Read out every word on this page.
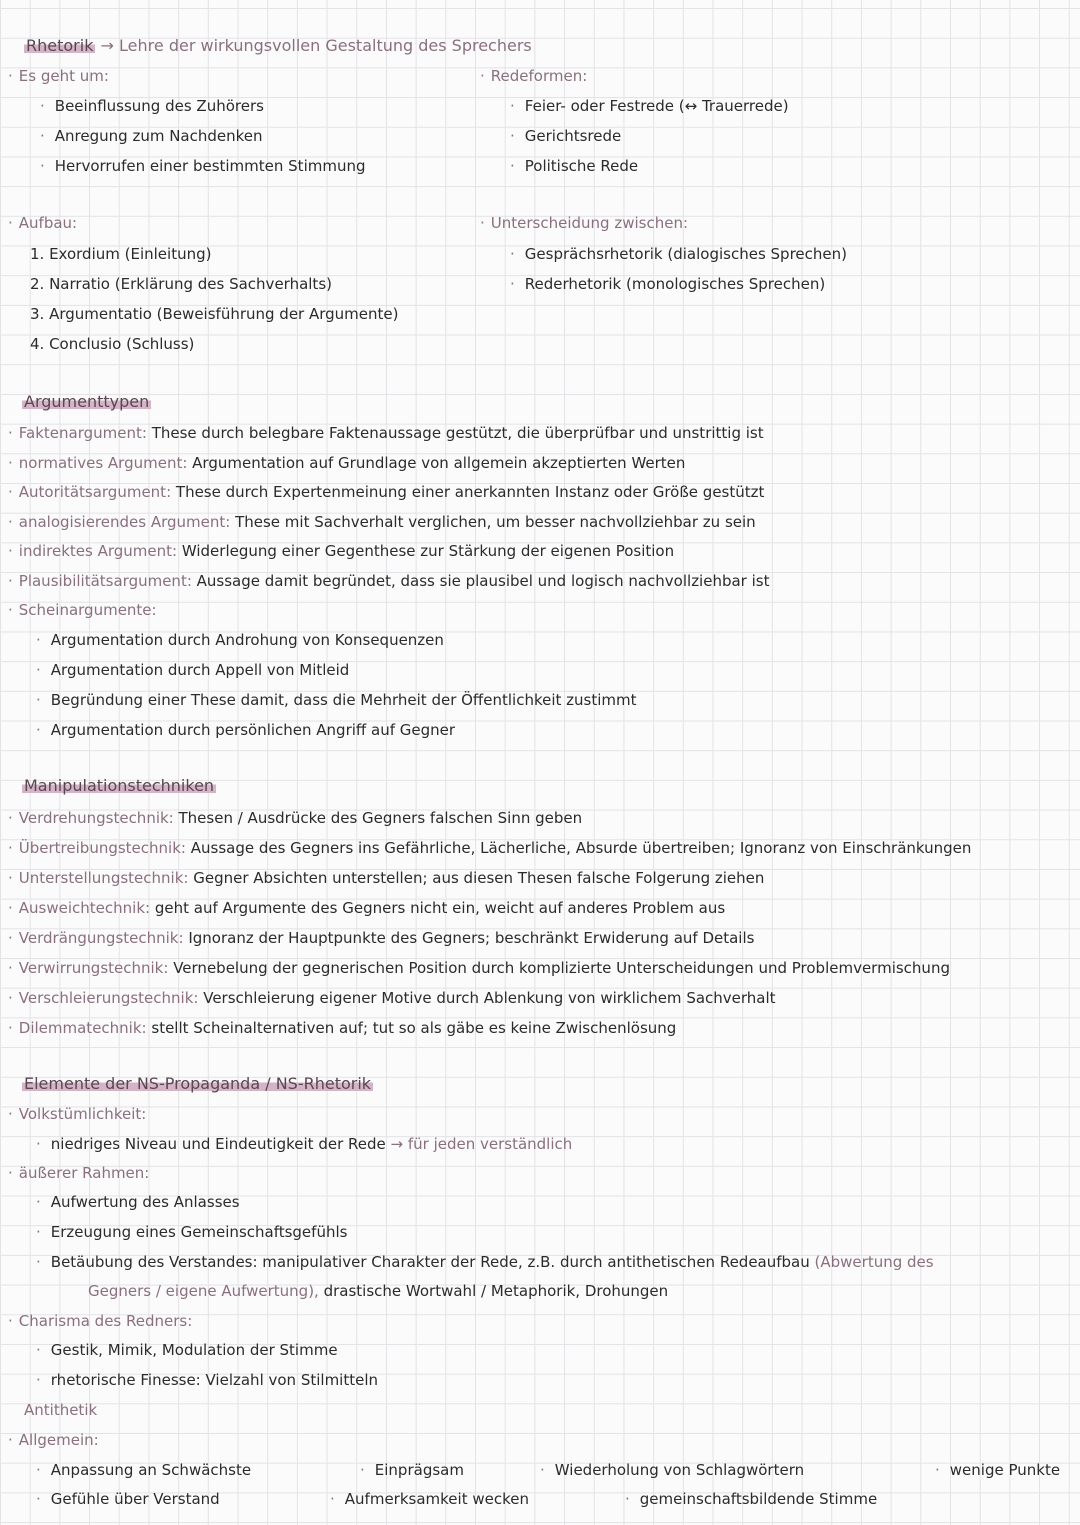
Rhetorik → Lehre der wirkungsvollen Gestaltung des Sprechers
· Es geht um:
· Beeinflussung des Zuhörers
· Anregung zum Nachdenken
· Hervorrufen einer bestimmten Stimmung
· Redeformen:
· Feier- oder Festrede (↔ Trauerrede)
· Gerichtsrede
· Politische Rede
· Aufbau:
1. Exordium (Einleitung)
2. Narratio (Erklärung des Sachverhalts)
3. Argumentatio (Beweisführung der Argumente)
4. Conclusio (Schluss)
· Unterscheidung zwischen:
· Gesprächsrhetorik (dialogisches Sprechen)
· Rederhetorik (monologisches Sprechen)
Argumenttypen
· Faktenargument: These durch belegbare Faktenaussage gestützt, die überprüfbar und unstrittig ist
· normatives Argument: Argumentation auf Grundlage von allgemein akzeptierten Werten
· Autoritätsargument: These durch Expertenmeinung einer anerkannten Instanz oder Größe gestützt
· analogisierendes Argument: These mit Sachverhalt verglichen, um besser nachvollziehbar zu sein
· indirektes Argument: Widerlegung einer Gegenthese zur Stärkung der eigenen Position
· Plausibilitätsargument: Aussage damit begründet, dass sie plausibel und logisch nachvollziehbar ist
· Scheinargumente:
· Argumentation durch Androhung von Konsequenzen
· Argumentation durch Appell von Mitleid
· Begründung einer These damit, dass die Mehrheit der Öffentlichkeit zustimmt
· Argumentation durch persönlichen Angriff auf Gegner
Manipulationstechniken
· Verdrehungstechnik: Thesen / Ausdrücke des Gegners falschen Sinn geben
· Übertreibungstechnik: Aussage des Gegners ins Gefährliche, Lächerliche, Absurde übertreiben; Ignoranz von Einschränkungen
· Unterstellungstechnik: Gegner Absichten unterstellen; aus diesen Thesen falsche Folgerung ziehen
· Ausweichtechnik: geht auf Argumente des Gegners nicht ein, weicht auf anderes Problem aus
· Verdrängungstechnik: Ignoranz der Hauptpunkte des Gegners; beschränkt Erwiderung auf Details
· Verwirrungstechnik: Vernebelung der gegnerischen Position durch komplizierte Unterscheidungen und Problemvermischung
· Verschleierungstechnik: Verschleierung eigener Motive durch Ablenkung von wirklichem Sachverhalt
· Dilemmatechnik: stellt Scheinalternativen auf; tut so als gäbe es keine Zwischenlösung
Elemente der NS-Propaganda / NS-Rhetorik
· Volkstümlichkeit:
· niedriges Niveau und Eindeutigkeit der Rede → für jeden verständlich
· äußerer Rahmen:
· Aufwertung des Anlasses
· Erzeugung eines Gemeinschaftsgefühls
· Betäubung des Verstandes: manipulativer Charakter der Rede, z.B. durch antithetischen Redeaufbau (Abwertung des
Gegners / eigene Aufwertung), drastische Wortwahl / Metaphorik, Drohungen
· Charisma des Redners:
· Gestik, Mimik, Modulation der Stimme
· rhetorische Finesse: Vielzahl von Stilmitteln
Antithetik
· Allgemein:
· Anpassung an Schwächste	· Einprägsam	· Wiederholung von Schlagwörtern	· wenige Punkte
· Gefühle über Verstand	· Aufmerksamkeit wecken	· gemeinschaftsbildende Stimme
